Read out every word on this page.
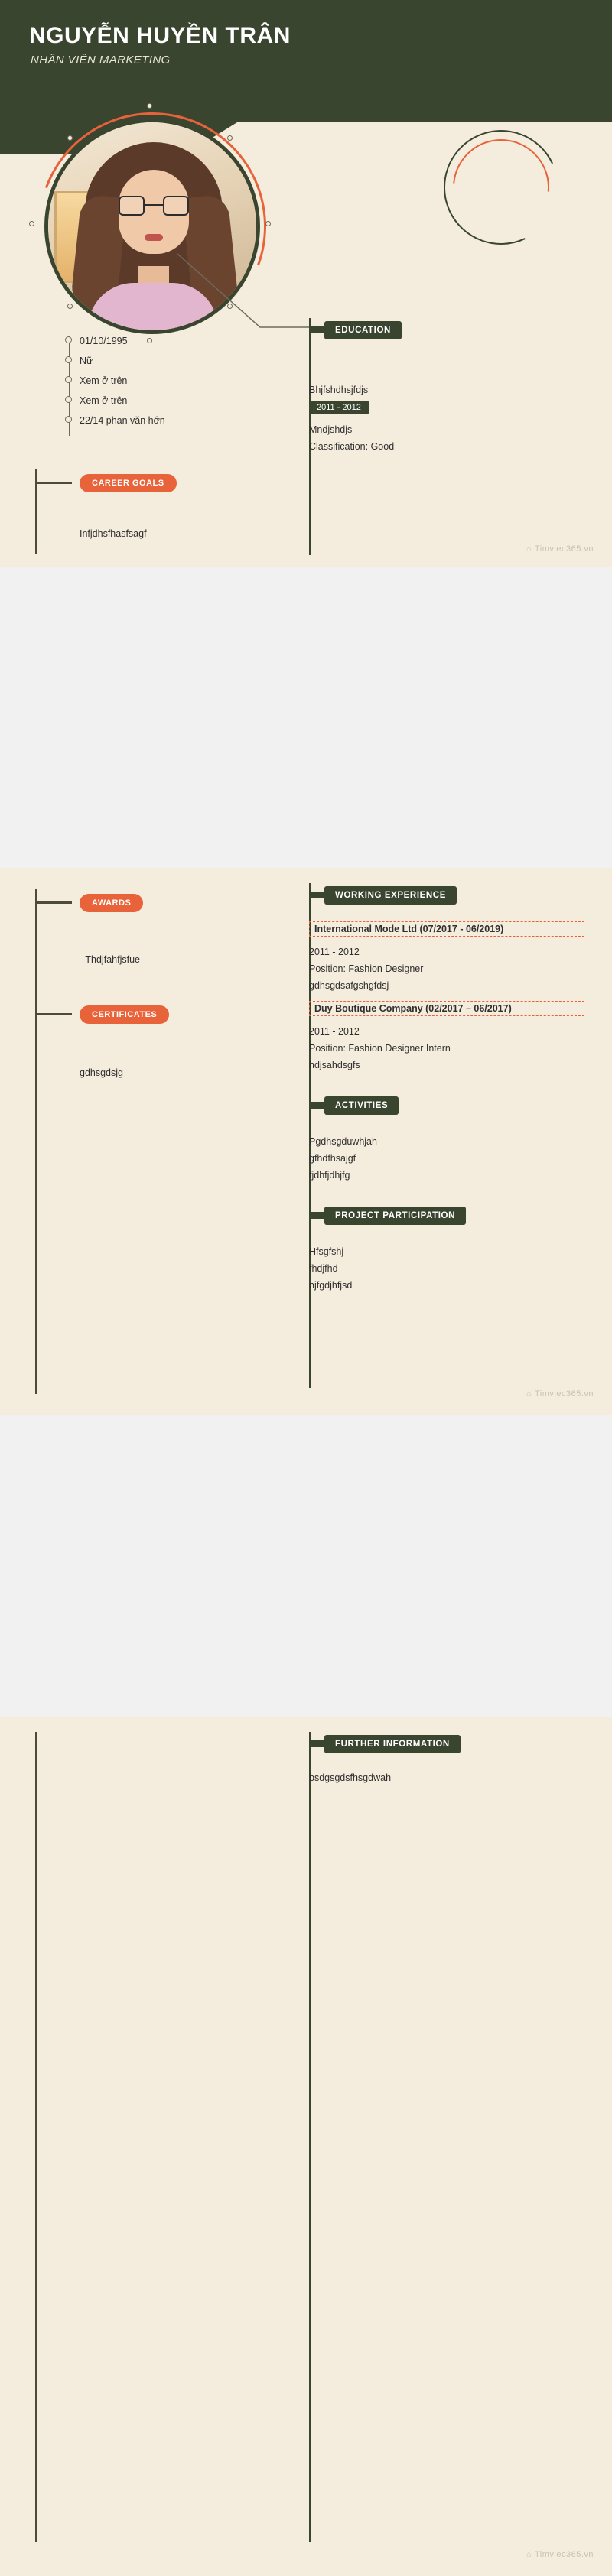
NGUYỄN HUYỀN TRÂN
NHÂN VIÊN MARKETING
01/10/1995
Nữ
Xem ở trên
Xem ở trên
22/14 phan văn hớn
CAREER GOALS
Infjdhsfhasfsagf
EDUCATION
Bhjfshdhsjfdjs
2011 - 2012
Mndjshdjs
Classification: Good
⌂ Timviec365.vn
AWARDS
- Thdjfahfjsfue
CERTIFICATES
gdhsgdsjg
WORKING EXPERIENCE
International Mode Ltd (07/2017 - 06/2019)
2011 - 2012
Position: Fashion Designer
gdhsgdsafgshgfdsj
Duy Boutique Company (02/2017 – 06/2017)
2011 - 2012
Position: Fashion Designer Intern
hdjsahdsgfs
ACTIVITIES
Pgdhsgduwhjah
gfhdfhsajgf
fjdhfjdhjfg
PROJECT PARTICIPATION
Hfsgfshj
fhdjfhd
njfgdjhfjsd
⌂ Timviec365.vn
FURTHER INFORMATION
bsdgsgdsfhsgdwah
⌂ Timviec365.vn
